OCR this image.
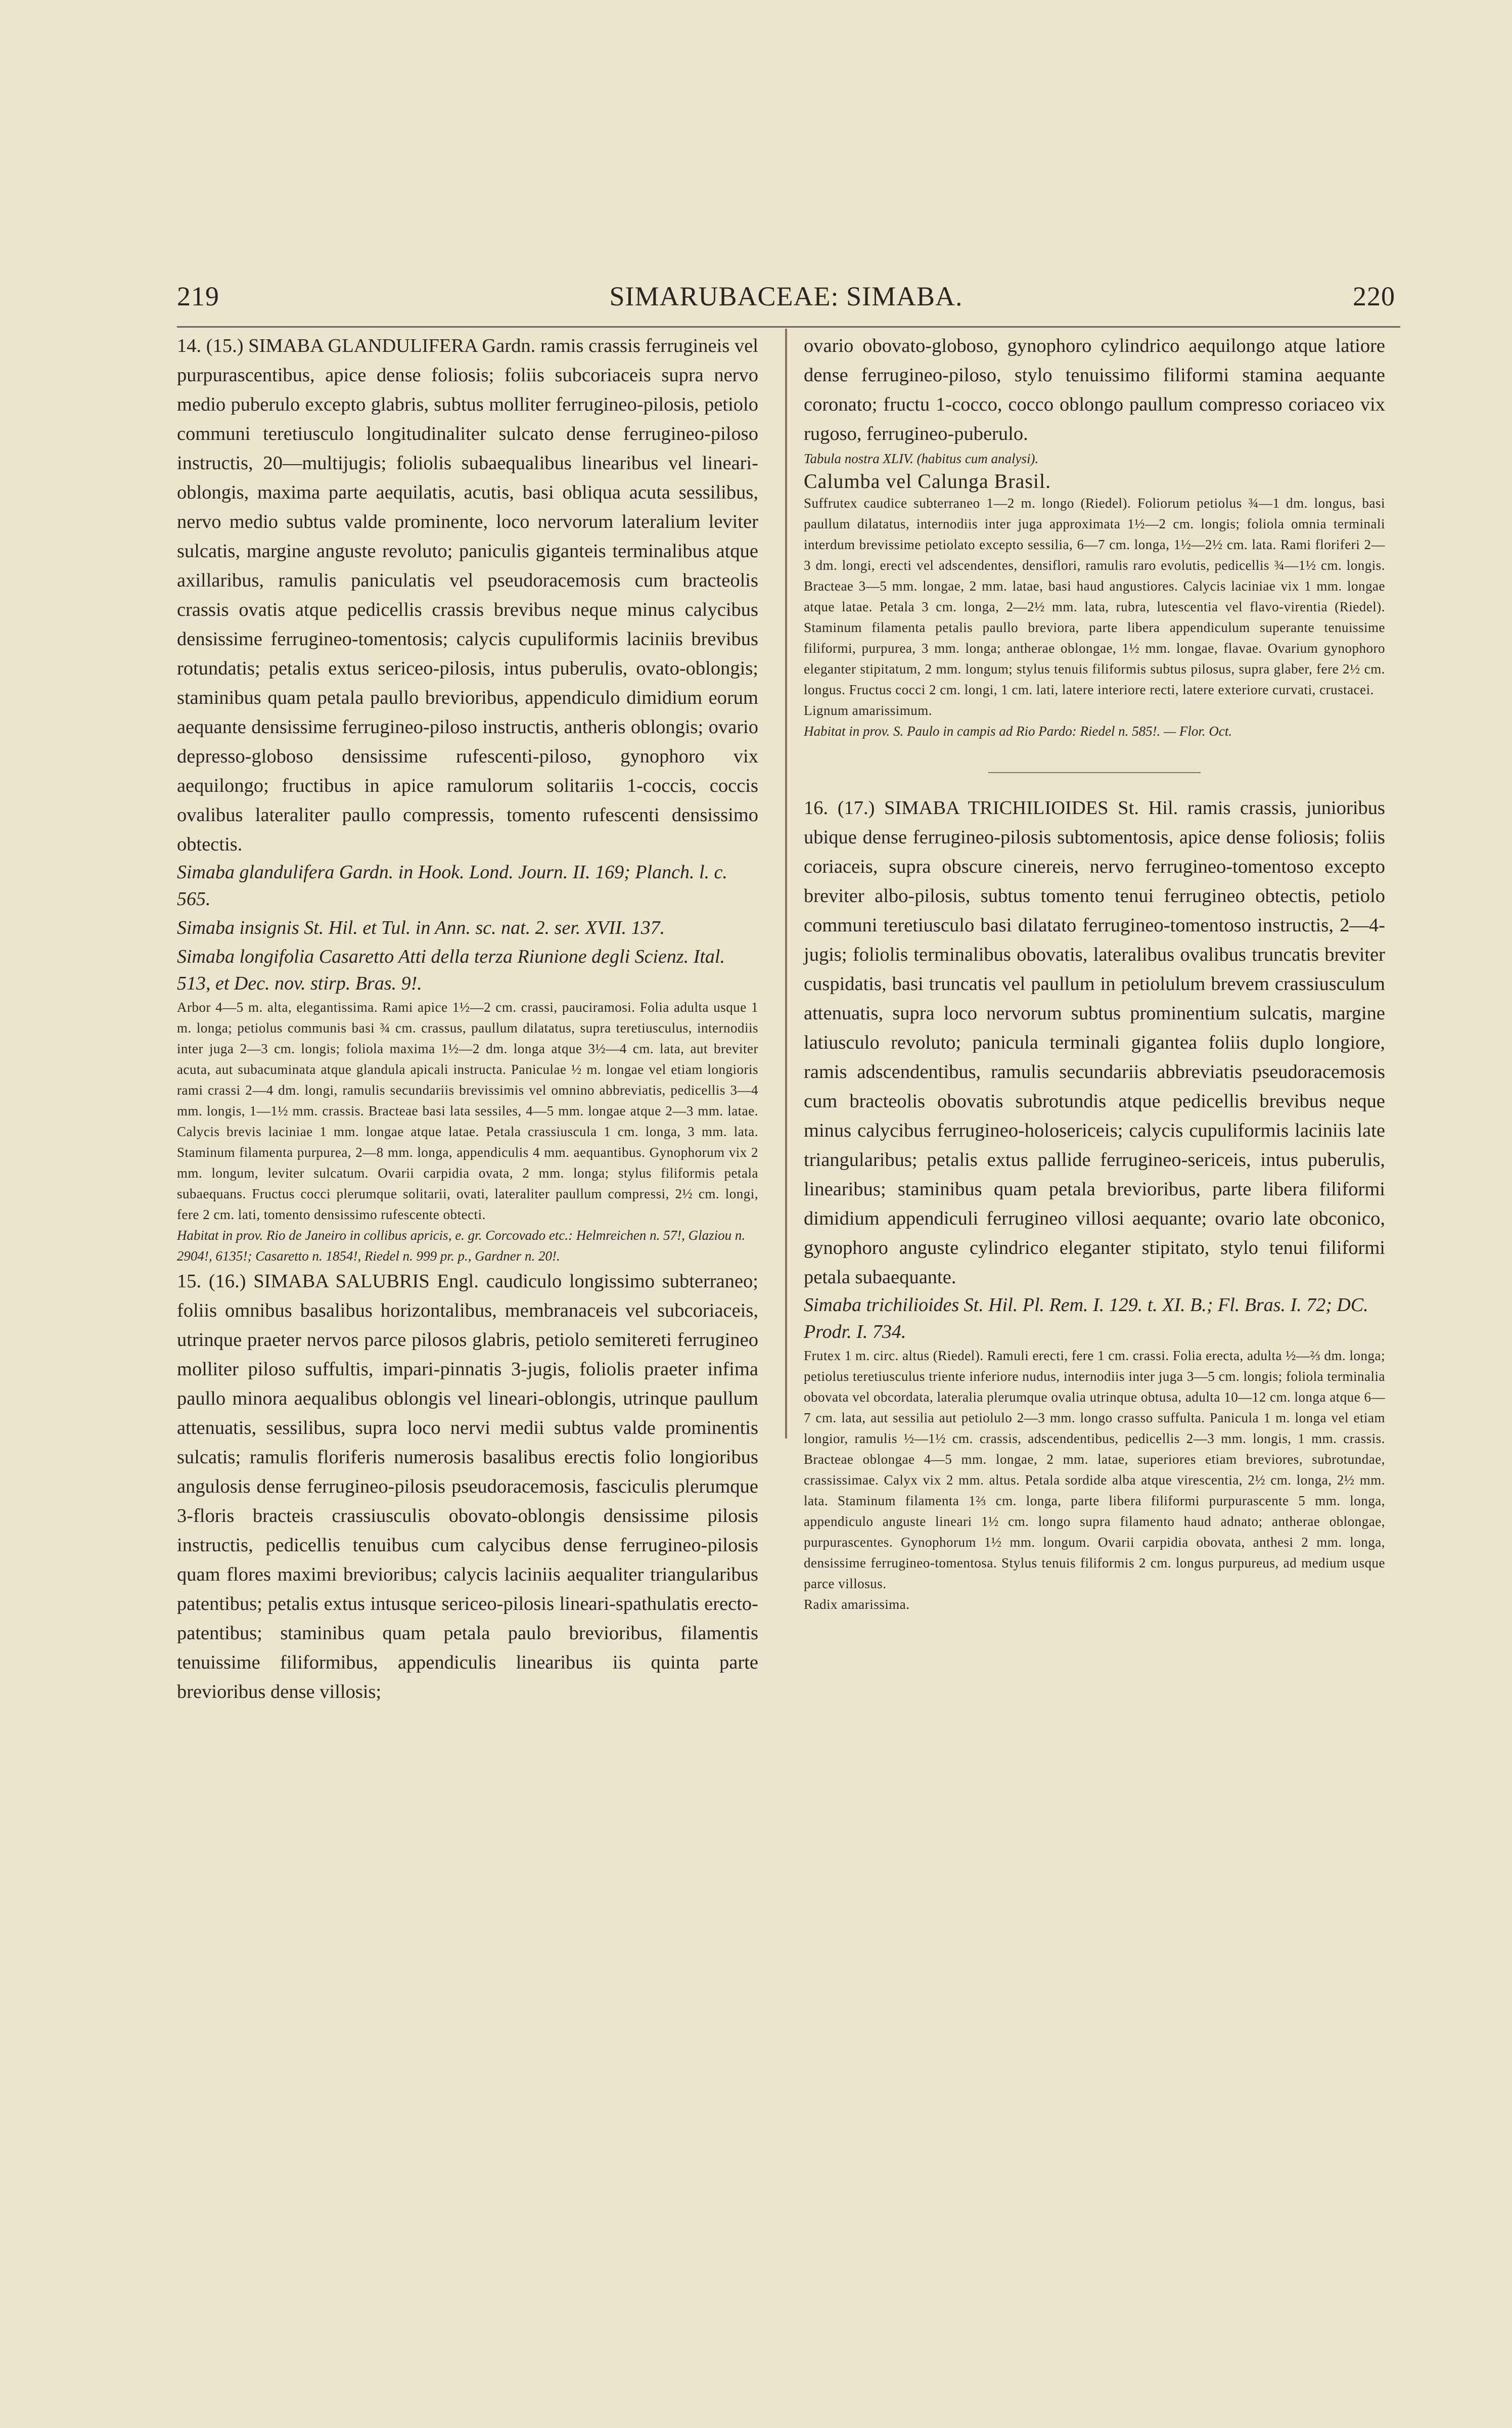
219	SIMARUBACEAE: SIMABA.	220

14. (15.) SIMABA GLANDULIFERA Gardn. ramis crassis ferrugineis vel purpurascentibus, apice dense foliosis; foliis subcoriaceis supra nervo medio puberulo excepto glabris, subtus molliter ferrugineo-pilosis, petiolo communi teretiusculo longitudinaliter sulcato dense ferrugineo-piloso instructis, 20—multijugis; foliolis subaequalibus linearibus vel lineari-oblongis, maxima parte aequilatis, acutis, basi obliqua acuta sessilibus, nervo medio subtus valde prominente, loco nervorum lateralium leviter sulcatis, margine anguste revoluto; paniculis giganteis terminalibus atque axillaribus, ramulis paniculatis vel pseudoracemosis cum bracteolis crassis ovatis atque pedicellis crassis brevibus neque minus calycibus densissime ferrugineo-tomentosis; calycis cupuliformis laciniis brevibus rotundatis; petalis extus sericeo-pilosis, intus puberulis, ovato-oblongis; staminibus quam petala paullo brevioribus, appendiculo dimidium eorum aequante densissime ferrugineo-piloso instructis, antheris oblongis; ovario depresso-globoso densissime rufescenti-piloso, gynophoro vix aequilongo; fructibus in apice ramulorum solitariis 1-coccis, coccis ovalibus lateraliter paullo compressis, tomento rufescenti densissimo obtectis.

Simaba glandulifera Gardn. in Hook. Lond. Journ. II. 169; Planch. l. c. 565.

Simaba insignis St. Hil. et Tul. in Ann. sc. nat. 2. ser. XVII. 137.

Simaba longifolia Casaretto Atti della terza Riunione degli Scienz. Ital. 513, et Dec. nov. stirp. Bras. 9!.

Arbor 4—5 m. alta, elegantissima. Rami apice 1½—2 cm. crassi, pauciramosi. Folia adulta usque 1 m. longa; petiolus communis basi ¾ cm. crassus, paullum dilatatus, supra teretiusculus, internodiis inter juga 2—3 cm. longis; foliola maxima 1½—2 dm. longa atque 3½—4 cm. lata, aut breviter acuta, aut subacuminata atque glandula apicali instructa. Paniculae ½ m. longae vel etiam longioris rami crassi 2—4 dm. longi, ramulis secundariis brevissimis vel omnino abbreviatis, pedicellis 3—4 mm. longis, 1—1½ mm. crassis. Bracteae basi lata sessiles, 4—5 mm. longae atque 2—3 mm. latae. Calycis brevis laciniae 1 mm. longae atque latae. Petala crassiuscula 1 cm. longa, 3 mm. lata. Staminum filamenta purpurea, 2—8 mm. longa, appendiculis 4 mm. aequantibus. Gynophorum vix 2 mm. longum, leviter sulcatum. Ovarii carpidia ovata, 2 mm. longa; stylus filiformis petala subaequans. Fructus cocci plerumque solitarii, ovati, lateraliter paullum compressi, 2½ cm. longi, fere 2 cm. lati, tomento densissimo rufescente obtecti.

Habitat in prov. Rio de Janeiro in collibus apricis, e. gr. Corcovado etc.: Helmreichen n. 57!, Glaziou n. 2904!, 6135!; Casaretto n. 1854!, Riedel n. 999 pr. p., Gardner n. 20!.

15. (16.) SIMABA SALUBRIS Engl. caudiculo longissimo subterraneo; foliis omnibus basalibus horizontalibus, membranaceis vel subcoriaceis, utrinque praeter nervos parce pilosos glabris, petiolo semitereti ferrugineo molliter piloso suffultis, impari-pinnatis 3-jugis, foliolis praeter infima paullo minora aequalibus oblongis vel lineari-oblongis, utrinque paullum attenuatis, sessilibus, supra loco nervi medii subtus valde prominentis sulcatis; ramulis floriferis numerosis basalibus erectis folio longioribus angulosis dense ferrugineo-pilosis pseudoracemosis, fasciculis plerumque 3-floris bracteis crassiusculis obovato-oblongis densissime pilosis instructis, pedicellis tenuibus cum calycibus dense ferrugineo-pilosis quam flores maximi brevioribus; calycis laciniis aequaliter triangularibus patentibus; petalis extus intusque sericeo-pilosis lineari-spathulatis erecto-patentibus; staminibus quam petala paulo brevioribus, filamentis tenuissime filiformibus, appendiculis linearibus iis quinta parte brevioribus dense villosis;

ovario obovato-globoso, gynophoro cylindrico aequilongo atque latiore dense ferrugineo-piloso, stylo tenuissimo filiformi stamina aequante coronato; fructu 1-cocco, cocco oblongo paullum compresso coriaceo vix rugoso, ferrugineo-puberulo.

Tabula nostra XLIV. (habitus cum analysi).

Calumba vel Calunga Brasil.

Suffrutex caudice subterraneo 1—2 m. longo (Riedel). Foliorum petiolus ¾—1 dm. longus, basi paullum dilatatus, internodiis inter juga approximata 1½—2 cm. longis; foliola omnia terminali interdum brevissime petiolato excepto sessilia, 6—7 cm. longa, 1½—2½ cm. lata. Rami floriferi 2—3 dm. longi, erecti vel adscendentes, densiflori, ramulis raro evolutis, pedicellis ¾—1½ cm. longis. Bracteae 3—5 mm. longae, 2 mm. latae, basi haud angustiores. Calycis laciniae vix 1 mm. longae atque latae. Petala 3 cm. longa, 2—2½ mm. lata, rubra, lutescentia vel flavo-virentia (Riedel). Staminum filamenta petalis paullo breviora, parte libera appendiculum superante tenuissime filiformi, purpurea, 3 mm. longa; antherae oblongae, 1½ mm. longae, flavae. Ovarium gynophoro eleganter stipitatum, 2 mm. longum; stylus tenuis filiformis subtus pilosus, supra glaber, fere 2½ cm. longus. Fructus cocci 2 cm. longi, 1 cm. lati, latere interiore recti, latere exteriore curvati, crustacei.

Lignum amarissimum.

Habitat in prov. S. Paulo in campis ad Rio Pardo: Riedel n. 585!. — Flor. Oct.

16. (17.) SIMABA TRICHILIOIDES St. Hil. ramis crassis, junioribus ubique dense ferrugineo-pilosis subtomentosis, apice dense foliosis; foliis coriaceis, supra obscure cinereis, nervo ferrugineo-tomentoso excepto breviter albo-pilosis, subtus tomento tenui ferrugineo obtectis, petiolo communi teretiusculo basi dilatato ferrugineo-tomentoso instructis, 2—4-jugis; foliolis terminalibus obovatis, lateralibus ovalibus truncatis breviter cuspidatis, basi truncatis vel paullum in petiolulum brevem crassiusculum attenuatis, supra loco nervorum subtus prominentium sulcatis, margine latiusculo revoluto; panicula terminali gigantea foliis duplo longiore, ramis adscendentibus, ramulis secundariis abbreviatis pseudoracemosis cum bracteolis obovatis subrotundis atque pedicellis brevibus neque minus calycibus ferrugineo-holosericeis; calycis cupuliformis laciniis late triangularibus; petalis extus pallide ferrugineo-sericeis, intus puberulis, linearibus; staminibus quam petala brevioribus, parte libera filiformi dimidium appendiculi ferrugineo villosi aequante; ovario late obconico, gynophoro anguste cylindrico eleganter stipitato, stylo tenui filiformi petala subaequante.

Simaba trichilioides St. Hil. Pl. Rem. I. 129. t. XI. B.; Fl. Bras. I. 72; DC. Prodr. I. 734.

Frutex 1 m. circ. altus (Riedel). Ramuli erecti, fere 1 cm. crassi. Folia erecta, adulta ½—⅔ dm. longa; petiolus teretiusculus triente inferiore nudus, internodiis inter juga 3—5 cm. longis; foliola terminalia obovata vel obcordata, lateralia plerumque ovalia utrinque obtusa, adulta 10—12 cm. longa atque 6—7 cm. lata, aut sessilia aut petiolulo 2—3 mm. longo crasso suffulta. Panicula 1 m. longa vel etiam longior, ramulis ½—1½ cm. crassis, adscendentibus, pedicellis 2—3 mm. longis, 1 mm. crassis. Bracteae oblongae 4—5 mm. longae, 2 mm. latae, superiores etiam breviores, subrotundae, crassissimae. Calyx vix 2 mm. altus. Petala sordide alba atque virescentia, 2½ cm. longa, 2½ mm. lata. Staminum filamenta 1⅔ cm. longa, parte libera filiformi purpurascente 5 mm. longa, appendiculo anguste lineari 1½ cm. longo supra filamento haud adnato; antherae oblongae, purpurascentes. Gynophorum 1½ mm. longum. Ovarii carpidia obovata, anthesi 2 mm. longa, densissime ferrugineo-tomentosa. Stylus tenuis filiformis 2 cm. longus purpureus, ad medium usque parce villosus.

Radix amarissima.
